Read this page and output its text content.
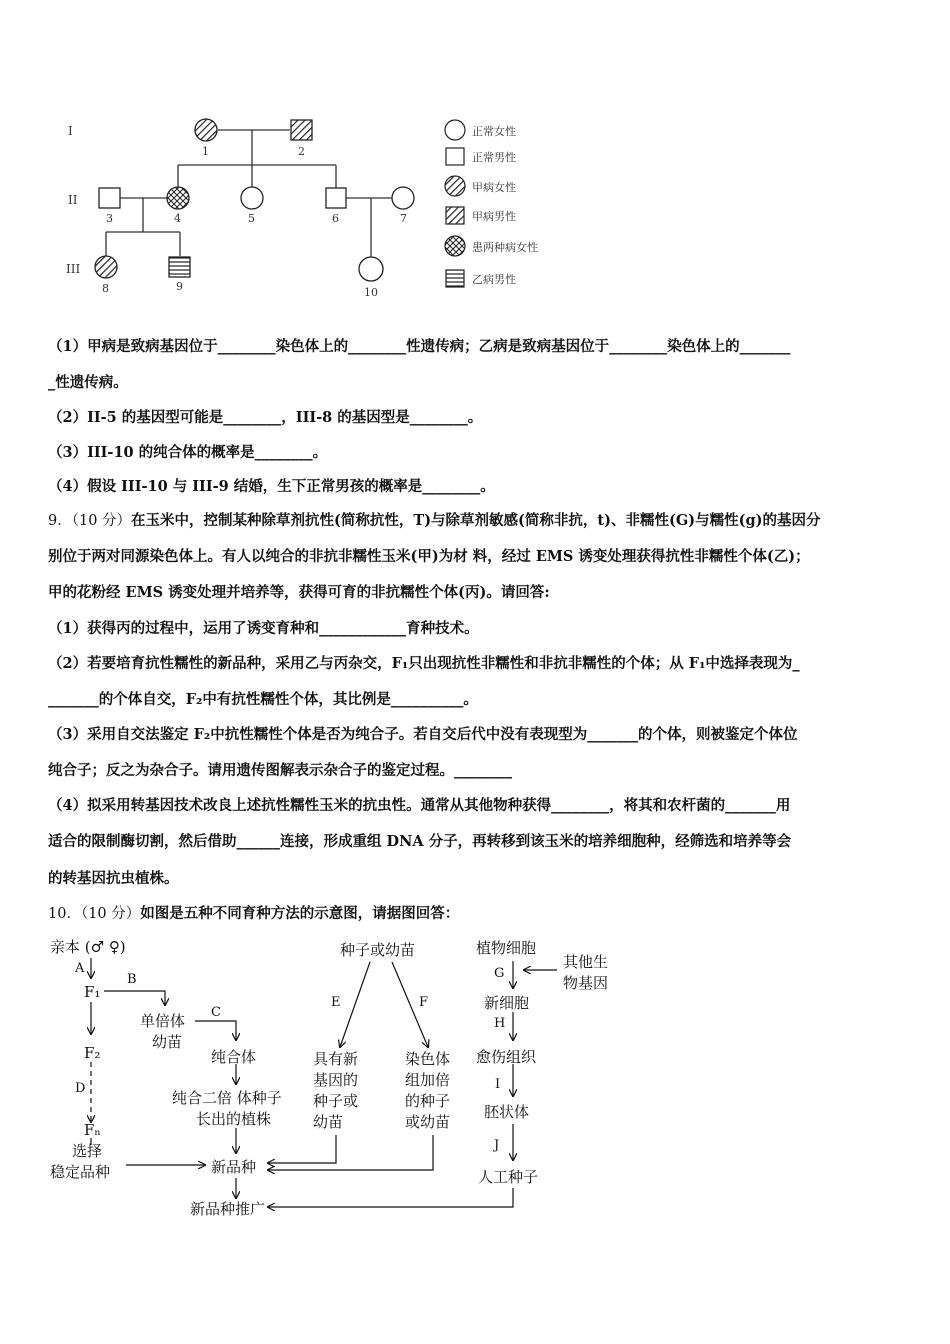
I
II
III
1	2
3	4	5	6	7
8	9	10
正常女性
正常男性
甲病女性
甲病男性
患两种病女性
乙病男性
（1）甲病是致病基因位于________染色体上的________性遗传病；乙病是致病基因位于________染色体上的_______
_性遗传病。
（2）II-5 的基因型可能是________，III-8 的基因型是________。
（3）III-10 的纯合体的概率是________。
（4）假设 III-10 与 III-9 结婚，生下正常男孩的概率是________。
9．（10 分）在玉米中，控制某种除草剂抗性(简称抗性，T)与除草剂敏感(简称非抗，t)、非糯性(G)与糯性(g)的基因分
别位于两对同源染色体上。有人以纯合的非抗非糯性玉米(甲)为材 料，经过 EMS 诱变处理获得抗性非糯性个体(乙)；
甲的花粉经 EMS 诱变处理并培养等，获得可育的非抗糯性个体(丙)。请回答:
（1）获得丙的过程中，运用了诱变育种和____________育种技术。
（2）若要培育抗性糯性的新品种，采用乙与丙杂交，F₁只出现抗性非糯性和非抗非糯性的个体；从 F₁中选择表现为_
_______的个体自交，F₂中有抗性糯性个体，其比例是__________。
（3）采用自交法鉴定 F₂中抗性糯性个体是否为纯合子。若自交后代中没有表现型为_______的个体，则被鉴定个体位
纯合子；反之为杂合子。请用遗传图解表示杂合子的鉴定过程。________
（4）拟采用转基因技术改良上述抗性糯性玉米的抗虫性。通常从其他物种获得________，将其和农杆菌的_______用
适合的限制酶切割，然后借助______连接，形成重组 DNA 分子，再转移到该玉米的培养细胞种，经筛选和培养等会
的转基因抗虫植株。
10．（10 分）如图是五种不同育种方法的示意图，请据图回答：
亲本 (♂ ♀)
A
F₁
B
F₂
D
Fₙ
选择
稳定品种
单倍体
幼苗
C
纯合体
纯合二倍 体种子
长出的植株
新品种
新品种推广
种子或幼苗
E	F
具有新
基因的
种子或
幼苗
染色体
组加倍
的种子
或幼苗
植物细胞
G
其他生
物基因
新细胞
H
愈伤组织
I
胚状体
J
人工种子
